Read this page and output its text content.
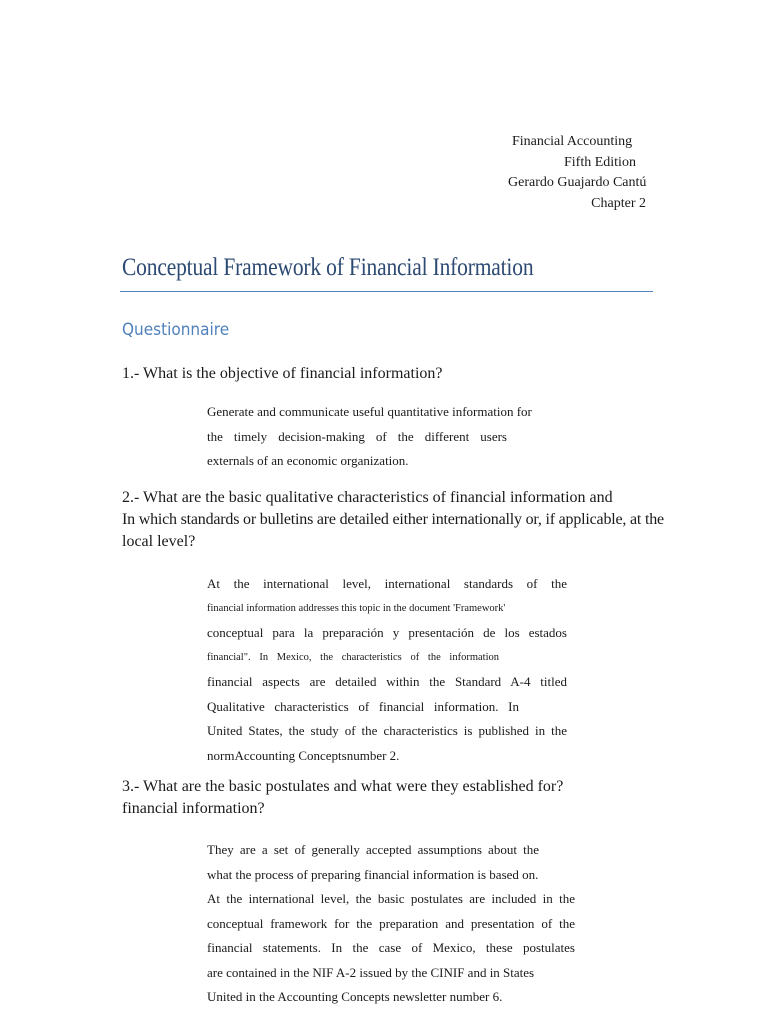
Financial Accounting
Fifth Edition
Gerardo Guajardo Cantú
Chapter 2
Conceptual Framework of Financial Information
Questionnaire
1.- What is the objective of financial information?
Generate and communicate useful quantitative information for
the timely decision-making of the different users
externals of an economic organization.
2.- What are the basic qualitative characteristics of financial information and
In which standards or bulletins are detailed either internationally or, if applicable, at the
local level?
At the international level, international standards of the
financial information addresses this topic in the document 'Framework'
conceptual para la preparación y presentación de los estados
financial". In Mexico, the characteristics of the information
financial aspects are detailed within the Standard A-4 titled
Qualitative characteristics of financial information. In
United States, the study of the characteristics is published in the
normAccounting Conceptsnumber 2.
3.- What are the basic postulates and what were they established for?
financial information?
They are a set of generally accepted assumptions about the
what the process of preparing financial information is based on.
At the international level, the basic postulates are included in the
conceptual framework for the preparation and presentation of the
financial statements. In the case of Mexico, these postulates
are contained in the NIF A-2 issued by the CINIF and in States
United in the Accounting Concepts newsletter number 6.
